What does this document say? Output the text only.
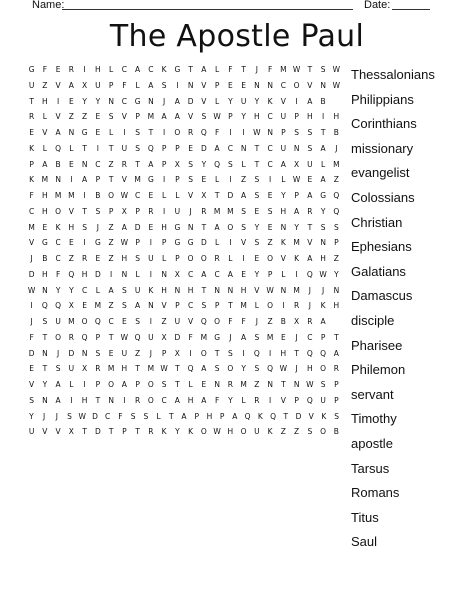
Name:	Date:
The Apostle Paul
G	F	E	R	I	H	L	C	A	C	K	G	T	A	L	F	T	J	F	M W T	S W
U	Z	V	A	X	U	P	F	L	A	S	I	N	V	P	E	E	N	N	C	O	V	N W
T	H	I	E	Y	Y	N	C	G	N	J	A	D	V	L	Y	U	Y	K	V	I	A	B
R	L	V	Z	Z	E	S	V	P	M A	A	V	S W P	Y	H	C	U	P	H	I	H
E	V	A	N	G	E	L	I	S	T	I	O	R	Q	F	I	I	W N	P	S	S	T	B
K	L	Q	L	T	I	T	U	S	Q	P	P	E	D	A	C	N	T	C	U	N	S	A	J
P	A	B	E	N	C	Z	R	T	A	P	X	S	Y	Q	S	L	T	C	A	X	U	L	M
K	M N	I	A	P	T	V M G	I	P	S	E	L	I	Z	S	I	L W E	A	Z
F	H M M	I	B	O W C	E	L	L	V	X	T	D	A	S	E	Y	P	A	G Q
C	H O	V	T	S	P	X	P	R	I	U	J	R M M	S	E	S	H	A	R	Y	Q
M	E	K	H	S	J	Z	A	D	E	H	G	N	T	A	O	S	Y	E	N	Y	T	S	S
V	G	C	E	I	G	Z W P	I	P	G G D	L	I	V	S	Z	K	M V	N	P
J	B	C	Z	R	E	Z	H	S	U	L	P	O O	R	L	I	E	O	V	K	A	H	Z
D	H	F	Q H	D	I	N	L	I	N	X	C	A	C	A	E	Y	P	L	I	Q W Y
W N	Y	Y	C	L	A	S	U	K	H	N	H	T	N	N	H	V W N M	J	J	N
I	Q Q	X	E	M Z	S	A	N	V	P	C	S	P	T	M	L	O	I	R	J	K	H
J	S	U M O Q	C	E	S	I	Z	U	V	Q O	F	F	J	Z	B	X	R	A
F	T	O	R	Q	P	T W Q	U	X	D	F	M G	J	A	S	M	E	J	C	P	T
D	N	J	D	N	S	E	U	Z	J	P	X	I	O	T	S	I	Q	I	H	T	Q Q	A
E	T	S	U	X	R M H	T	M W T	Q	A	S	O	Y	S	Q W	J	H O	R
V	Y	A	L	I	P	O	A	P	O	S	T	L	E	N	R M Z	N	T	N W S	P
S	N	A	I	H	T	N	I	R	O	C	A	H	A	F	Y	L	R	I	V	P	Q	U	P
Y	J	J	S W D C	F	S	S	L	T	A	P	H	P	A Q K Q T	D V	K	S
U	V	V	X	T	D	T	P	T	R	K	Y	K	O W H O	U	K	Z	Z	S	O	B
Thessalonians
Philippians
Corinthians
missionary
evangelist
Colossians
Christian
Ephesians
Galatians
Damascus
disciple
Pharisee
Philemon
servant
Timothy
apostle
Tarsus
Romans
Titus
Saul
